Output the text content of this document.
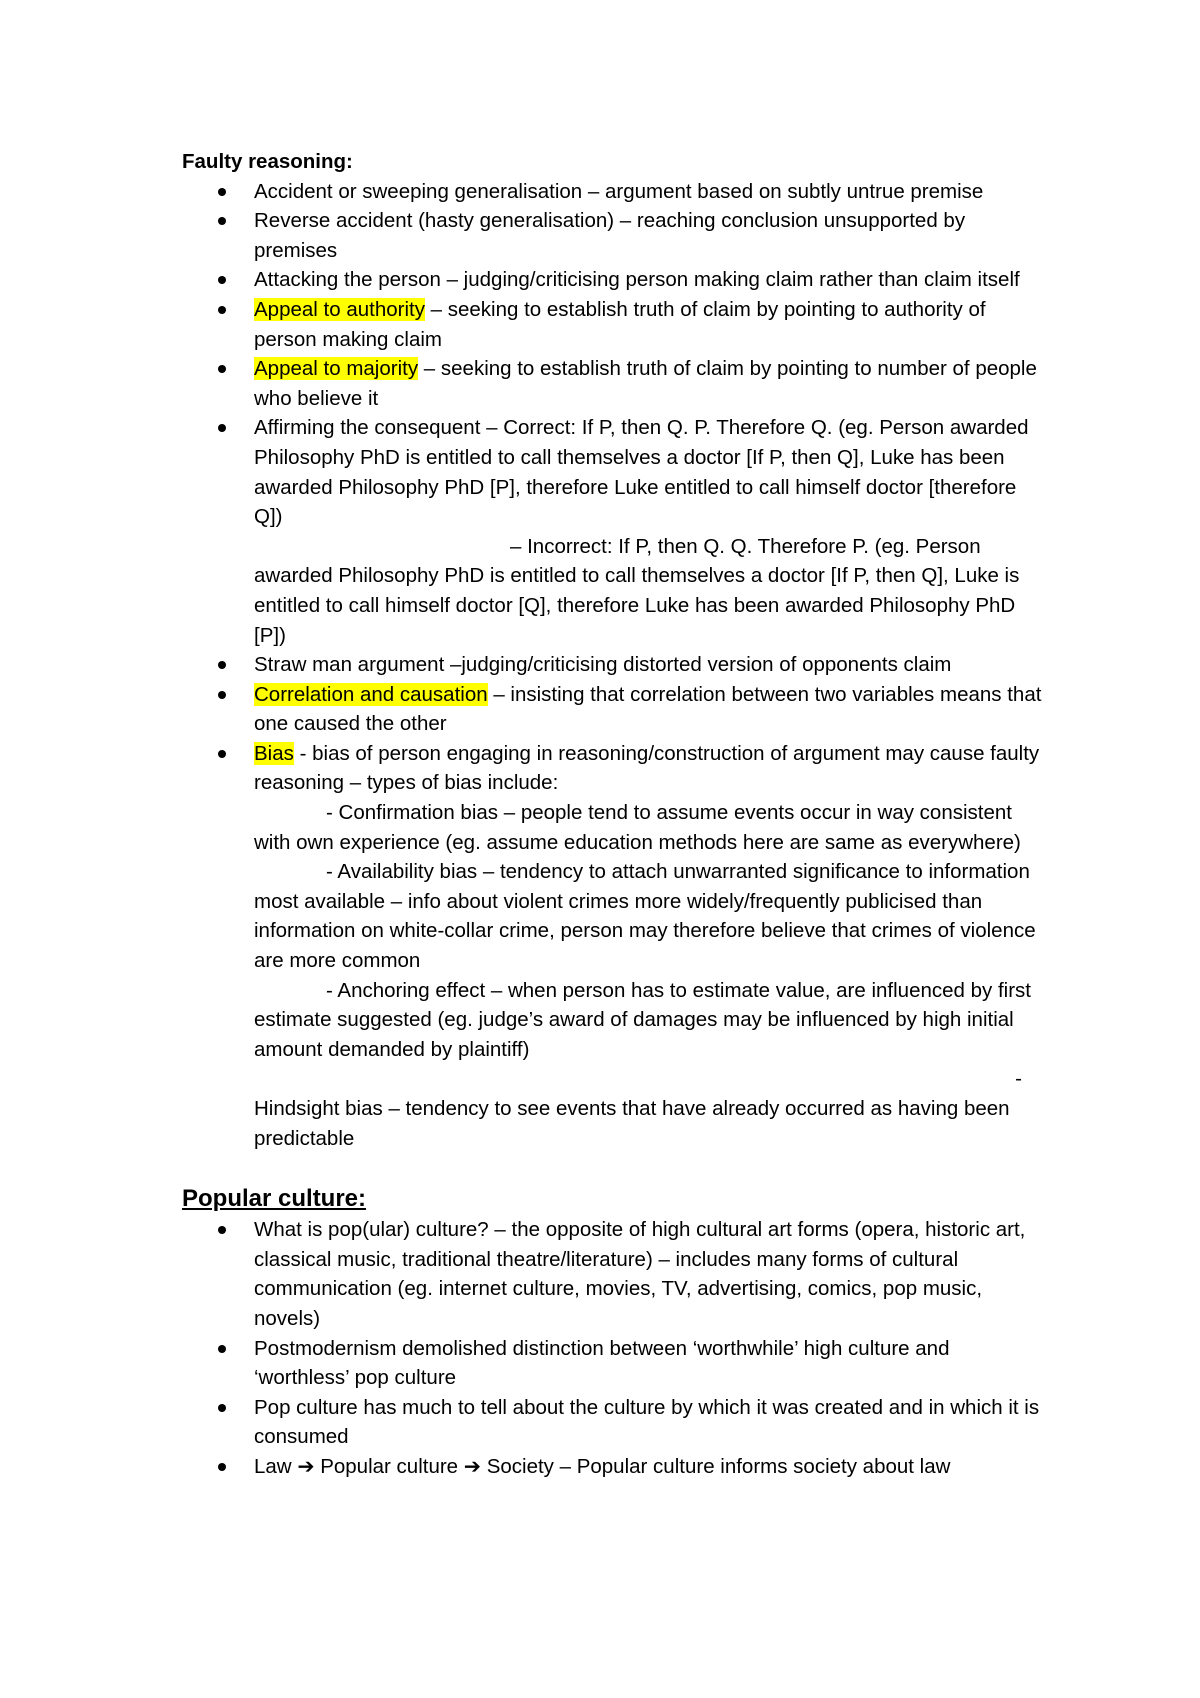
Faulty reasoning:

Accident or sweeping generalisation – argument based on subtly untrue premise
Reverse accident (hasty generalisation) – reaching conclusion unsupported by premises
Attacking the person – judging/criticising person making claim rather than claim itself
Appeal to authority – seeking to establish truth of claim by pointing to authority of person making claim
Appeal to majority – seeking to establish truth of claim by pointing to number of people who believe it
Affirming the consequent – Correct: If P, then Q. P. Therefore Q. (eg. Person awarded Philosophy PhD is entitled to call themselves a doctor [If P, then Q], Luke has been awarded Philosophy PhD [P], therefore Luke entitled to call himself doctor [therefore Q])
– Incorrect: If P, then Q. Q. Therefore P. (eg. Person
awarded Philosophy PhD is entitled to call themselves a doctor [If P, then Q], Luke is entitled to call himself doctor [Q], therefore Luke has been awarded Philosophy PhD [P])
Straw man argument –judging/criticising distorted version of opponents claim
Correlation and causation – insisting that correlation between two variables means that one caused the other
Bias - bias of person engaging in reasoning/construction of argument may cause faulty reasoning – types of bias include:
- Confirmation bias – people tend to assume events occur in way consistent with own experience (eg. assume education methods here are same as everywhere)
- Availability bias – tendency to attach unwarranted significance to information most available – info about violent crimes more widely/frequently publicised than information on white-collar crime, person may therefore believe that crimes of violence are more common
- Anchoring effect – when person has to estimate value, are influenced by first estimate suggested (eg. judge’s award of damages may be influenced by high initial amount demanded by plaintiff)
-
Hindsight bias – tendency to see events that have already occurred as having been predictable

Popular culture:

What is pop(ular) culture? – the opposite of high cultural art forms (opera, historic art, classical music, traditional theatre/literature) – includes many forms of cultural communication (eg. internet culture, movies, TV, advertising, comics, pop music, novels)
Postmodernism demolished distinction between ‘worthwhile’ high culture and ‘worthless’ pop culture
Pop culture has much to tell about the culture by which it was created and in which it is consumed
Law ➔ Popular culture ➔ Society – Popular culture informs society about law
